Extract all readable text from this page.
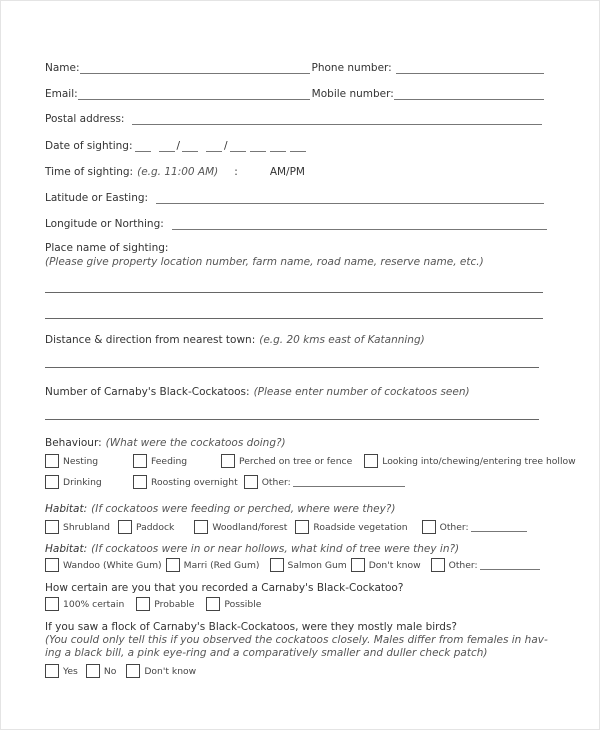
Name:	Phone number:
Email:	Mobile number:
Postal address:
Date of sighting:	/	/
Time of sighting: (e.g. 11:00 AM) :	AM/PM
Latitude or Easting:
Longitude or Northing:
Place name of sighting:
(Please give property location number, farm name, road name, reserve name, etc.)
Distance & direction from nearest town: (e.g. 20 kms east of Katanning)
Number of Carnaby's Black-Cockatoos: (Please enter number of cockatoos seen)
Behaviour: (What were the cockatoos doing?)
Nesting	Feeding	Perched on tree or fence	Looking into/chewing/entering tree hollow
Drinking	Roosting overnight	Other:
Habitat: (If cockatoos were feeding or perched, where were they?)
Shrubland	Paddock	Woodland/forest	Roadside vegetation	Other:
Habitat: (If cockatoos were in or near hollows, what kind of tree were they in?)
Wandoo (White Gum) Marri (Red Gum)	Salmon Gum Don't know	Other:
How certain are you that you recorded a Carnaby's Black-Cockatoo?
100% certain	Probable	Possible
If you saw a flock of Carnaby's Black-Cockatoos, were they mostly male birds?
(You could only tell this if you observed the cockatoos closely. Males differ from females in hav-
ing a black bill, a pink eye-ring and a comparatively smaller and duller check patch)
Yes	No	Don't know
